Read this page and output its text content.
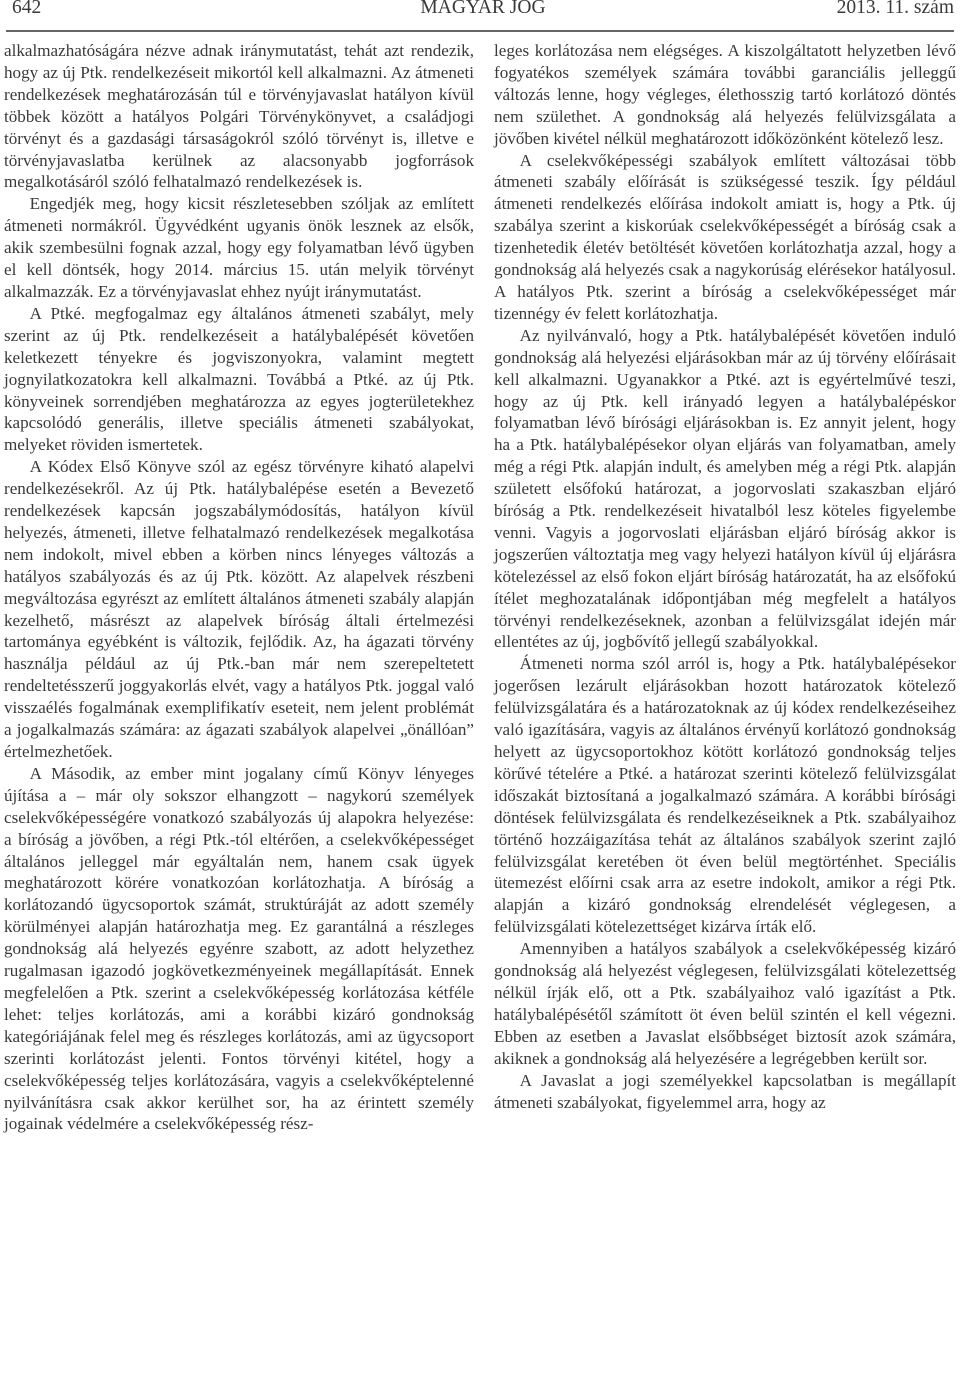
642	MAGYAR JOG	2013. 11. szám

alkalmazhatóságára nézve adnak iránymutatást, tehát azt rendezik, hogy az új Ptk. rendelkezéseit mikortól kell alkalmazni. Az átmeneti rendelkezések meghatározásán túl e törvényjavaslat hatályon kívül többek között a hatályos Polgári Törvénykönyvet, a családjogi törvényt és a gazdasági társaságokról szóló törvényt is, illetve e törvényjavaslatba kerülnek az alacsonyabb jogforrások megalkotásáról szóló felhatalmazó rendelkezések is.

Engedjék meg, hogy kicsit részletesebben szóljak az említett átmeneti normákról. Ügyvédként ugyanis önök lesznek az elsők, akik szembesülni fognak azzal, hogy egy folyamatban lévő ügyben el kell döntsék, hogy 2014. március 15. után melyik törvényt alkalmazzák. Ez a törvényjavaslat ehhez nyújt iránymutatást.

A Ptké. megfogalmaz egy általános átmeneti szabályt, mely szerint az új Ptk. rendelkezéseit a hatálybalépését követően keletkezett tényekre és jogviszonyokra, valamint megtett jognyilatkozatokra kell alkalmazni. Továbbá a Ptké. az új Ptk. könyveinek sorrendjében meghatározza az egyes jogterületekhez kapcsolódó generális, illetve speciális átmeneti szabályokat, melyeket röviden ismertetek.

A Kódex Első Könyve szól az egész törvényre kiható alapelvi rendelkezésekről. Az új Ptk. hatálybalépése esetén a Bevezető rendelkezések kapcsán jogszabálymódosítás, hatályon kívül helyezés, átmeneti, illetve felhatalmazó rendelkezések megalkotása nem indokolt, mivel ebben a körben nincs lényeges változás a hatályos szabályozás és az új Ptk. között. Az alapelvek részbeni megváltozása egyrészt az említett általános átmeneti szabály alapján kezelhető, másrészt az alapelvek bíróság általi értelmezési tartománya egyébként is változik, fejlődik. Az, ha ágazati törvény használja például az új Ptk.-ban már nem szerepeltetett rendeltetésszerű joggyakorlás elvét, vagy a hatályos Ptk. joggal való visszaélés fogalmának exemplifikatív eseteit, nem jelent problémát a jogalkalmazás számára: az ágazati szabályok alapelvei „önállóan” értelmezhetőek.

A Második, az ember mint jogalany című Könyv lényeges újítása a – már oly sokszor elhangzott – nagykorú személyek cselekvőképességére vonatkozó szabályozás új alapokra helyezése: a bíróság a jövőben, a régi Ptk.-tól eltérően, a cselekvőképességet általános jelleggel már egyáltalán nem, hanem csak ügyek meghatározott körére vonatkozóan korlátozhatja. A bíróság a korlátozandó ügycsoportok számát, struktúráját az adott személy körülményei alapján határozhatja meg. Ez garantálná a részleges gondnokság alá helyezés egyénre szabott, az adott helyzethez rugalmasan igazodó jogkövetkezményeinek megállapítását. Ennek megfelelően a Ptk. szerint a cselekvőképesség korlátozása kétféle lehet: teljes korlátozás, ami a korábbi kizáró gondnokság kategóriájának felel meg és részleges korlátozás, ami az ügycsoport szerinti korlátozást jelenti. Fontos törvényi kitétel, hogy a cselekvőképesség teljes korlátozására, vagyis a cselekvőképtelenné nyilvánításra csak akkor kerülhet sor, ha az érintett személy jogainak védelmére a cselekvőképesség rész-

leges korlátozása nem elégséges. A kiszolgáltatott helyzetben lévő fogyatékos személyek számára további garanciális jelleggű változás lenne, hogy végleges, élethosszig tartó korlátozó döntés nem születhet. A gondnokság alá helyezés felülvizsgálata a jövőben kivétel nélkül meghatározott időközönként kötelező lesz.

A cselekvőképességi szabályok említett változásai több átmeneti szabály előírását is szükségessé teszik. Így például átmeneti rendelkezés előírása indokolt amiatt is, hogy a Ptk. új szabálya szerint a kiskorúak cselekvőképességét a bíróság csak a tizenhetedik életév betöltését követően korlátozhatja azzal, hogy a gondnokság alá helyezés csak a nagykorúság elérésekor hatályosul. A hatályos Ptk. szerint a bíróság a cselekvőképességet már tizennégy év felett korlátozhatja.

Az nyilvánvaló, hogy a Ptk. hatálybalépését követően induló gondnokság alá helyezési eljárásokban már az új törvény előírásait kell alkalmazni. Ugyanakkor a Ptké. azt is egyértelművé teszi, hogy az új Ptk. kell irányadó legyen a hatálybalépéskor folyamatban lévő bírósági eljárásokban is. Ez annyit jelent, hogy ha a Ptk. hatálybalépésekor olyan eljárás van folyamatban, amely még a régi Ptk. alapján indult, és amelyben még a régi Ptk. alapján született elsőfokú határozat, a jogorvoslati szakaszban eljáró bíróság a Ptk. rendelkezéseit hivatalból lesz köteles figyelembe venni. Vagyis a jogorvoslati eljárásban eljáró bíróság akkor is jogszerűen változtatja meg vagy helyezi hatályon kívül új eljárásra kötelezéssel az első fokon eljárt bíróság határozatát, ha az elsőfokú ítélet meghozatalának időpontjában még megfelelt a hatályos törvényi rendelkezéseknek, azonban a felülvizsgálat idején már ellentétes az új, jogbővítő jellegű szabályokkal.

Átmeneti norma szól arról is, hogy a Ptk. hatálybalépésekor jogerősen lezárult eljárásokban hozott határozatok kötelező felülvizsgálatára és a határozatoknak az új kódex rendelkezéseihez való igazítására, vagyis az általános érvényű korlátozó gondnokság helyett az ügycsoportokhoz kötött korlátozó gondnokság teljes körűvé tételére a Ptké. a határozat szerinti kötelező felülvizsgálat időszakát biztosítaná a jogalkalmazó számára. A korábbi bírósági döntések felülvizsgálata és rendelkezéseiknek a Ptk. szabályaihoz történő hozzáigazítása tehát az általános szabályok szerint zajló felülvizsgálat keretében öt éven belül megtörténhet. Speciális ütemezést előírni csak arra az esetre indokolt, amikor a régi Ptk. alapján a kizáró gondnokság elrendelését véglegesen, a felülvizsgálati kötelezettséget kizárva írták elő.

Amennyiben a hatályos szabályok a cselekvőképesség kizáró gondnokság alá helyezést véglegesen, felülvizsgálati kötelezettség nélkül írják elő, ott a Ptk. szabályaihoz való igazítást a Ptk. hatálybalépésétől számított öt éven belül szintén el kell végezni. Ebben az esetben a Javaslat elsőbbséget biztosít azok számára, akiknek a gondnokság alá helyezésére a legrégebben került sor.

A Javaslat a jogi személyekkel kapcsolatban is megállapít átmeneti szabályokat, figyelemmel arra, hogy az
